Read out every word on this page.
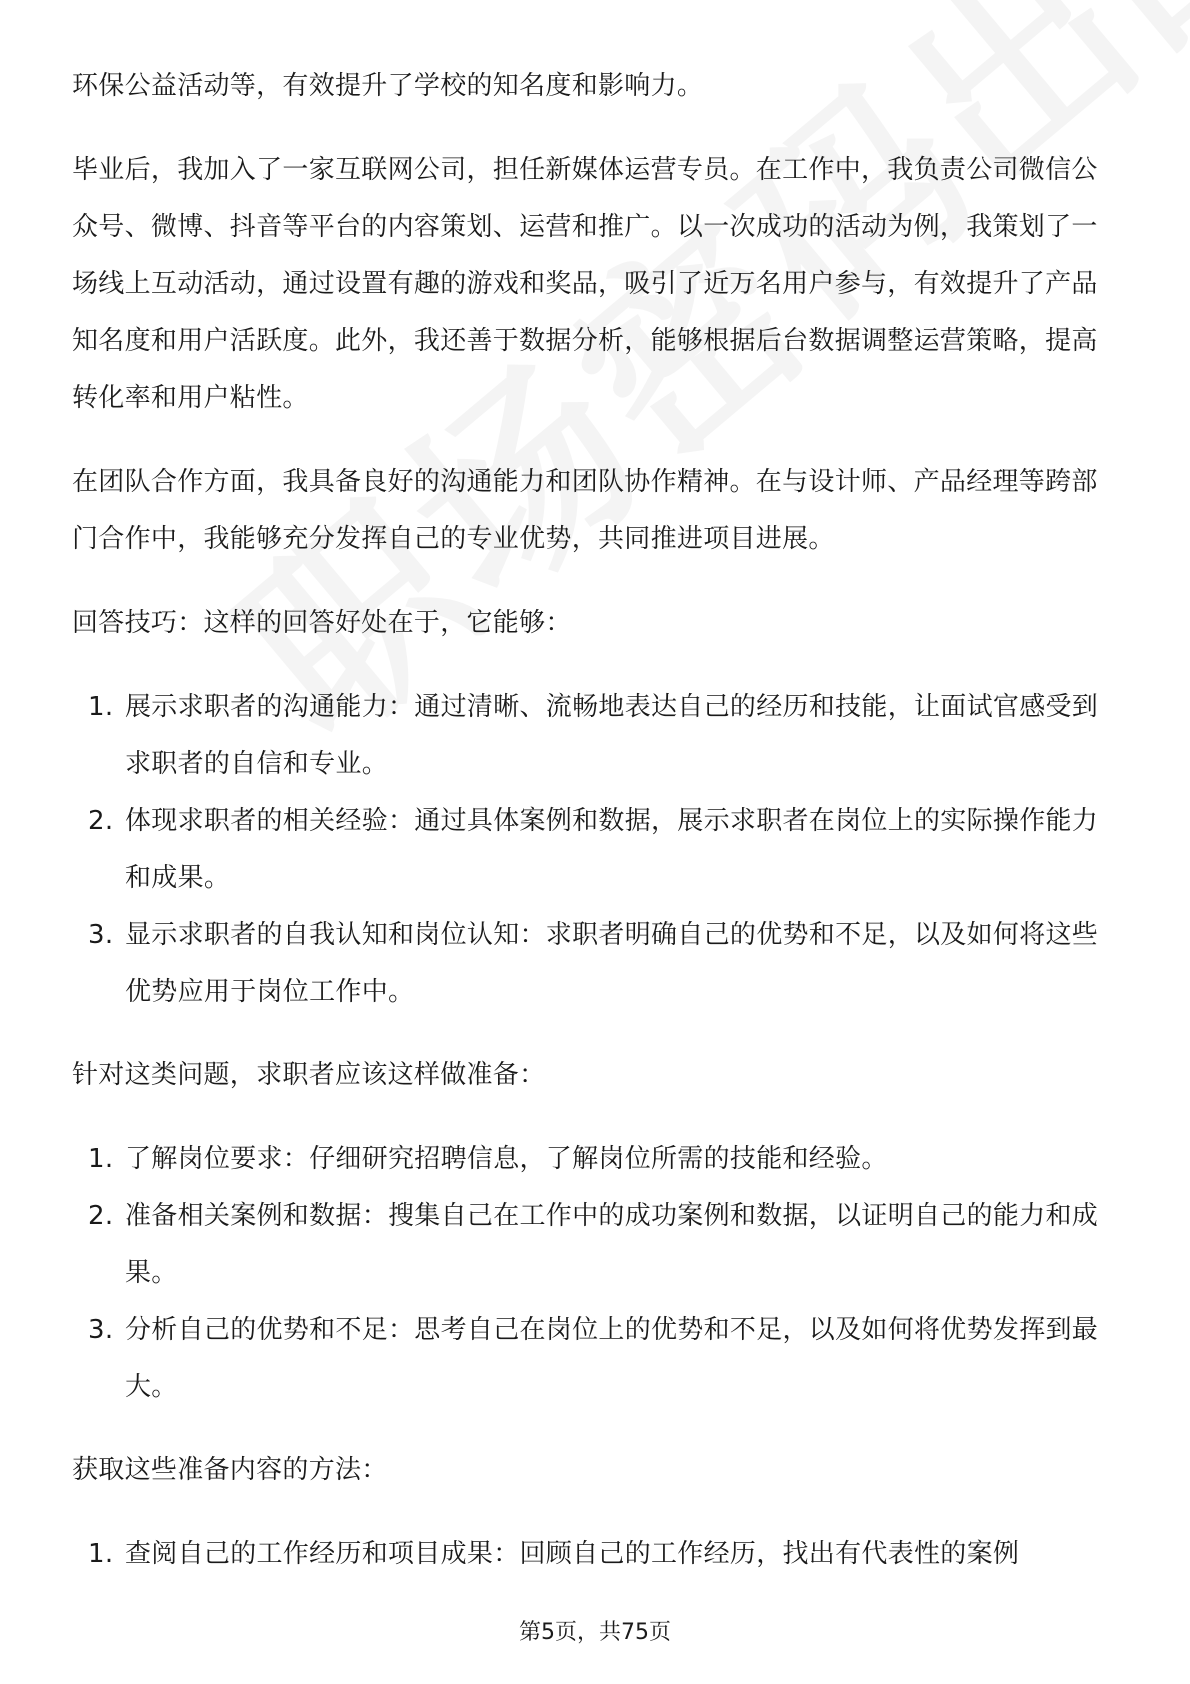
环保公益活动等，有效提升了学校的知名度和影响力。

毕业后，我加入了一家互联网公司，担任新媒体运营专员。在工作中，我负责公司微信公众号、微博、抖音等平台的内容策划、运营和推广。以一次成功的活动为例，我策划了一场线上互动活动，通过设置有趣的游戏和奖品，吸引了近万名用户参与，有效提升了产品知名度和用户活跃度。此外，我还善于数据分析，能够根据后台数据调整运营策略，提高转化率和用户粘性。

在团队合作方面，我具备良好的沟通能力和团队协作精神。在与设计师、产品经理等跨部门合作中，我能够充分发挥自己的专业优势，共同推进项目进展。

回答技巧：这样的回答好处在于，它能够：

1. 展示求职者的沟通能力：通过清晰、流畅地表达自己的经历和技能，让面试官感受到求职者的自信和专业。
2. 体现求职者的相关经验：通过具体案例和数据，展示求职者在岗位上的实际操作能力和成果。
3. 显示求职者的自我认知和岗位认知：求职者明确自己的优势和不足，以及如何将这些优势应用于岗位工作中。

针对这类问题，求职者应该这样做准备：

1. 了解岗位要求：仔细研究招聘信息，了解岗位所需的技能和经验。
2. 准备相关案例和数据：搜集自己在工作中的成功案例和数据，以证明自己的能力和成果。
3. 分析自己的优势和不足：思考自己在岗位上的优势和不足，以及如何将优势发挥到最大。

获取这些准备内容的方法：

1. 查阅自己的工作经历和项目成果：回顾自己的工作经历，找出有代表性的案例
第5页，共75页
